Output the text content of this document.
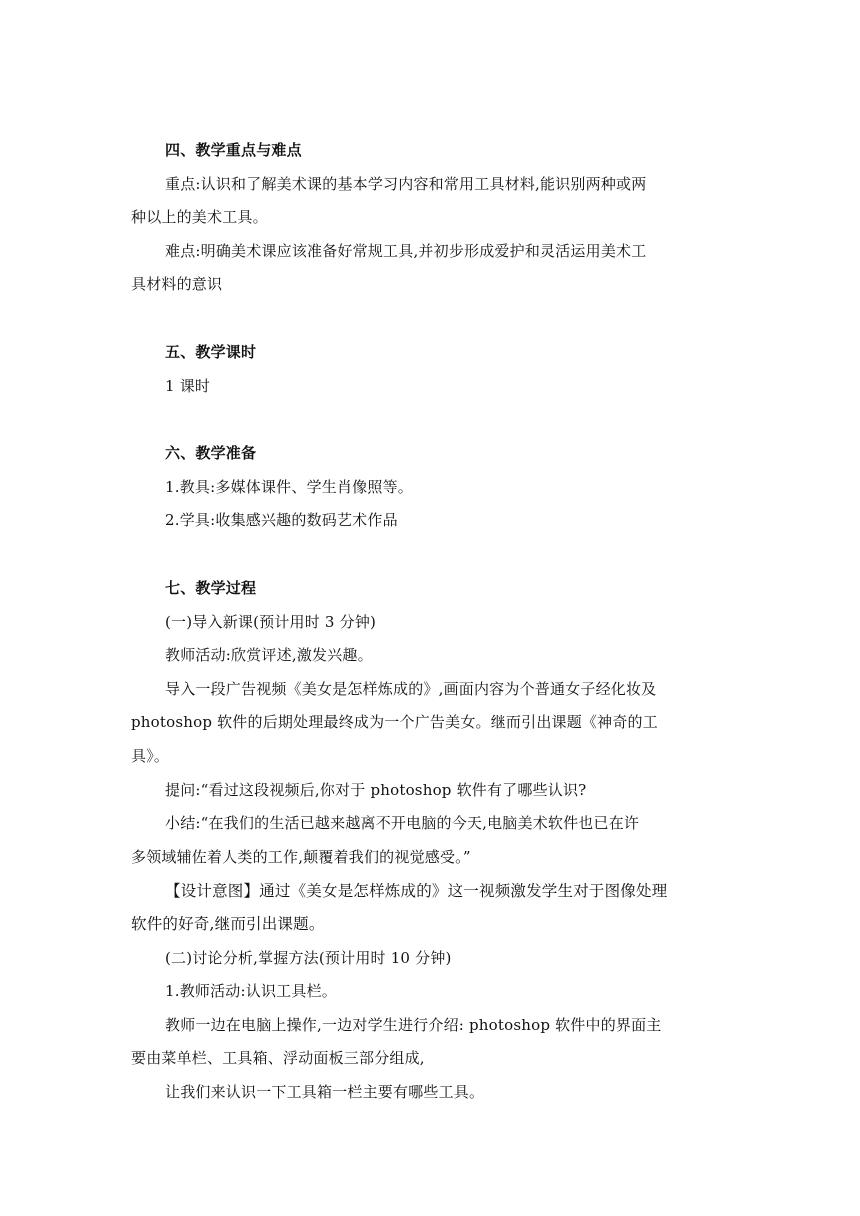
四、教学重点与难点
重点:认识和了解美术课的基本学习内容和常用工具材料,能识别两种或两
种以上的美术工具。
难点:明确美术课应该准备好常规工具,并初步形成爱护和灵活运用美术工
具材料的意识
五、教学课时
1 课时
六、教学准备
1.教具:多媒体课件、学生肖像照等。
2.学具:收集感兴趣的数码艺术作品
七、教学过程
(一)导入新课(预计用时 3 分钟)
教师活动:欣赏评述,激发兴趣。
导入一段广告视频《美女是怎样炼成的》,画面内容为个普通女子经化妆及
photoshop 软件的后期处理最终成为一个广告美女。继而引出课题《神奇的工
具》。
提问:“看过这段视频后,你对于 photoshop 软件有了哪些认识?
小结:“在我们的生活已越来越离不开电脑的今天,电脑美术软件也已在许
多领域辅佐着人类的工作,颠覆着我们的视觉感受。”
【设计意图】通过《美女是怎样炼成的》这一视频激发学生对于图像处理
软件的好奇,继而引出课题。
(二)讨论分析,掌握方法(预计用时 10 分钟)
1.教师活动:认识工具栏。
教师一边在电脑上操作,一边对学生进行介绍: photoshop 软件中的界面主
要由菜单栏、工具箱、浮动面板三部分组成,
让我们来认识一下工具箱一栏主要有哪些工具。
